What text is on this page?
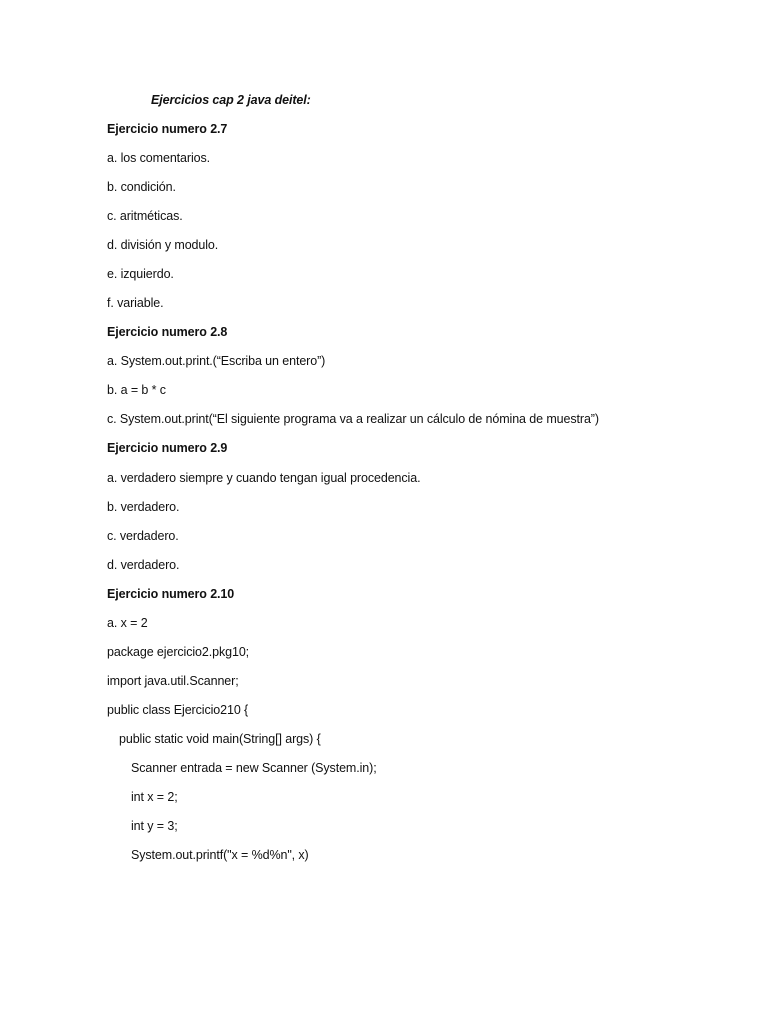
Ejercicios cap 2 java deitel:
Ejercicio numero 2.7
a. los comentarios.
b. condición.
c. aritméticas.
d. división y modulo.
e. izquierdo.
f. variable.
Ejercicio numero 2.8
a. System.out.print.(“Escriba un entero”)
b. a = b * c
c. System.out.print(“El siguiente programa va a realizar un cálculo de nómina de muestra”)
Ejercicio numero 2.9
a. verdadero siempre y cuando tengan igual procedencia.
b. verdadero.
c. verdadero.
d. verdadero.
Ejercicio numero 2.10
a. x = 2
package ejercicio2.pkg10;
import java.util.Scanner;
public class Ejercicio210 {
public static void main(String[] args) {
Scanner entrada = new Scanner (System.in);
int x = 2;
int y = 3;
System.out.printf("x = %d%n", x)
